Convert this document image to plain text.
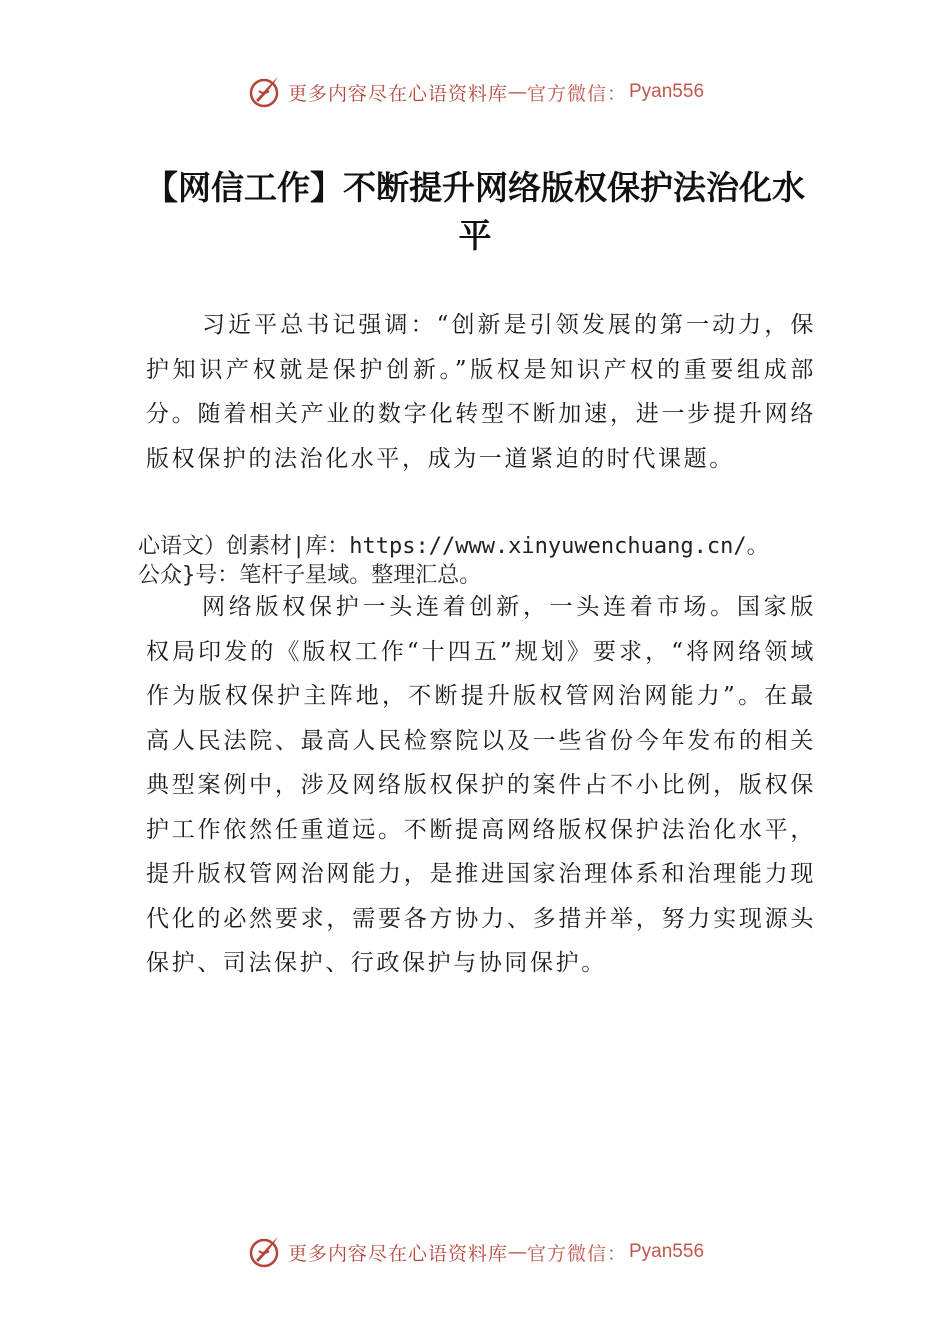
更多内容尽在心语资料库 — 官方微信： Pyan556
【网信工作】不断提升网络版权保护法治化水平

习近平总书记强调：“创新是引领发展的第一动力，保护知识产权就是保护创新。”版权是知识产权的重要组成部分。随着相关产业的数字化转型不断加速，进一步提升网络版权保护的法治化水平，成为一道紧迫的时代课题。

心语文）创素材|库：https://www.xinyuwenchuang.cn/。

公众}号：笔杆子星域。整理汇总。

网络版权保护一头连着创新，一头连着市场。国家版权局印发的《版权工作“十四五”规划》要求，“将网络领域作为版权保护主阵地，不断提升版权管网治网能力”。在最高人民法院、最高人民检察院以及一些省份今年发布的相关典型案例中，涉及网络版权保护的案件占不小比例，版权保护工作依然任重道远。不断提高网络版权保护法治化水平，提升版权管网治网能力，是推进国家治理体系和治理能力现代化的必然要求，需要各方协力、多措并举，努力实现源头保护、司法保护、行政保护与协同保护。

更多内容尽在心语资料库 — 官方微信： Pyan556
